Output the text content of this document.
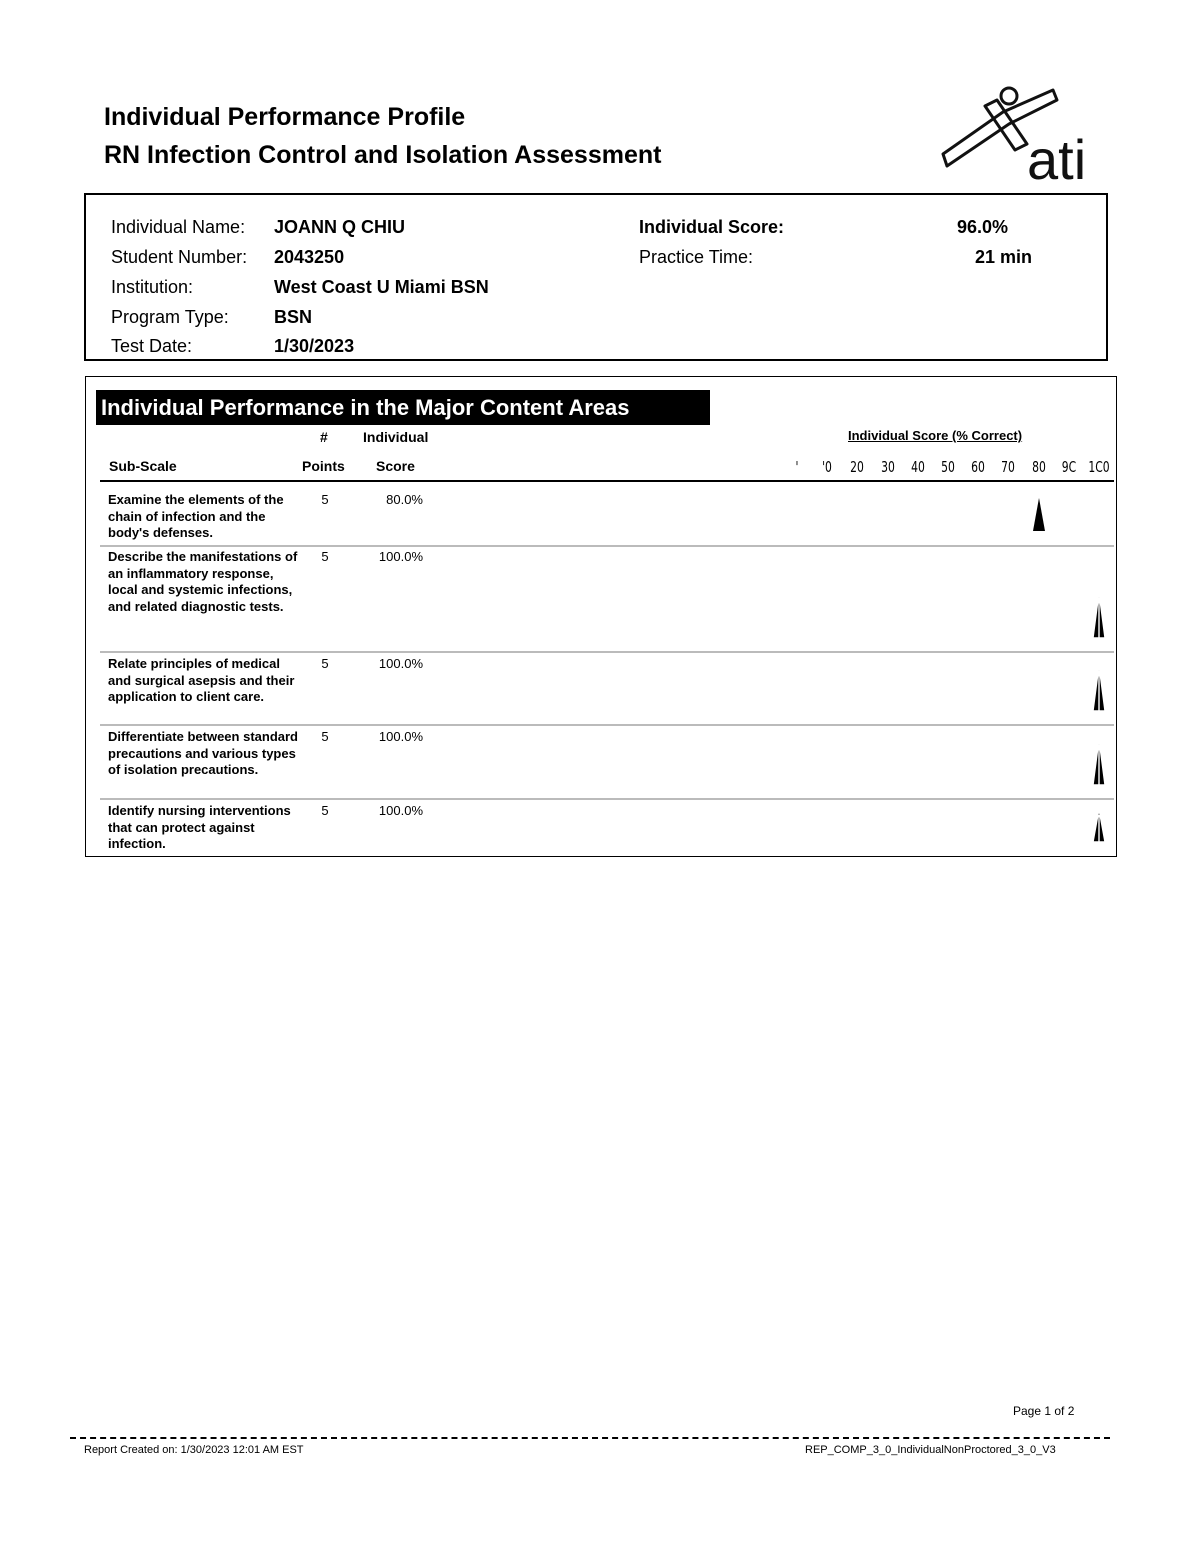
Individual Performance Profile
RN Infection Control and Isolation Assessment	ati
Individual Name: JOANN Q CHIU
Student Number: 2043250
Institution:	West Coast U Miami BSN
Program Type:	BSN
Test Date:	1/30/2023
Individual Score:	96.0%
Practice Time:	21 min
Individual Performance in the Major Content Areas
#	Individual
Sub-Scale	Points Score
Individual Score (% Correct)
'	'0	20	30	40	50	60	70	80	9C 1C0
Examine the elements of the chain of infection and the body's defenses.
5	80.0%
Describe the manifestations of an inflammatory response, local and systemic infections, and related diagnostic tests.
5	100.0%
Relate principles of medical and surgical asepsis and their application to client care.
5	100.0%
Differentiate between standard precautions and various types of isolation precautions.
5	100.0%
Identify nursing interventions that can protect against infection.
5	100.0%
Page 1 of 2
Report Created on: 1/30/2023 12:01 AM EST	REP_COMP_3_0_IndividualNonProctored_3_0_V3
